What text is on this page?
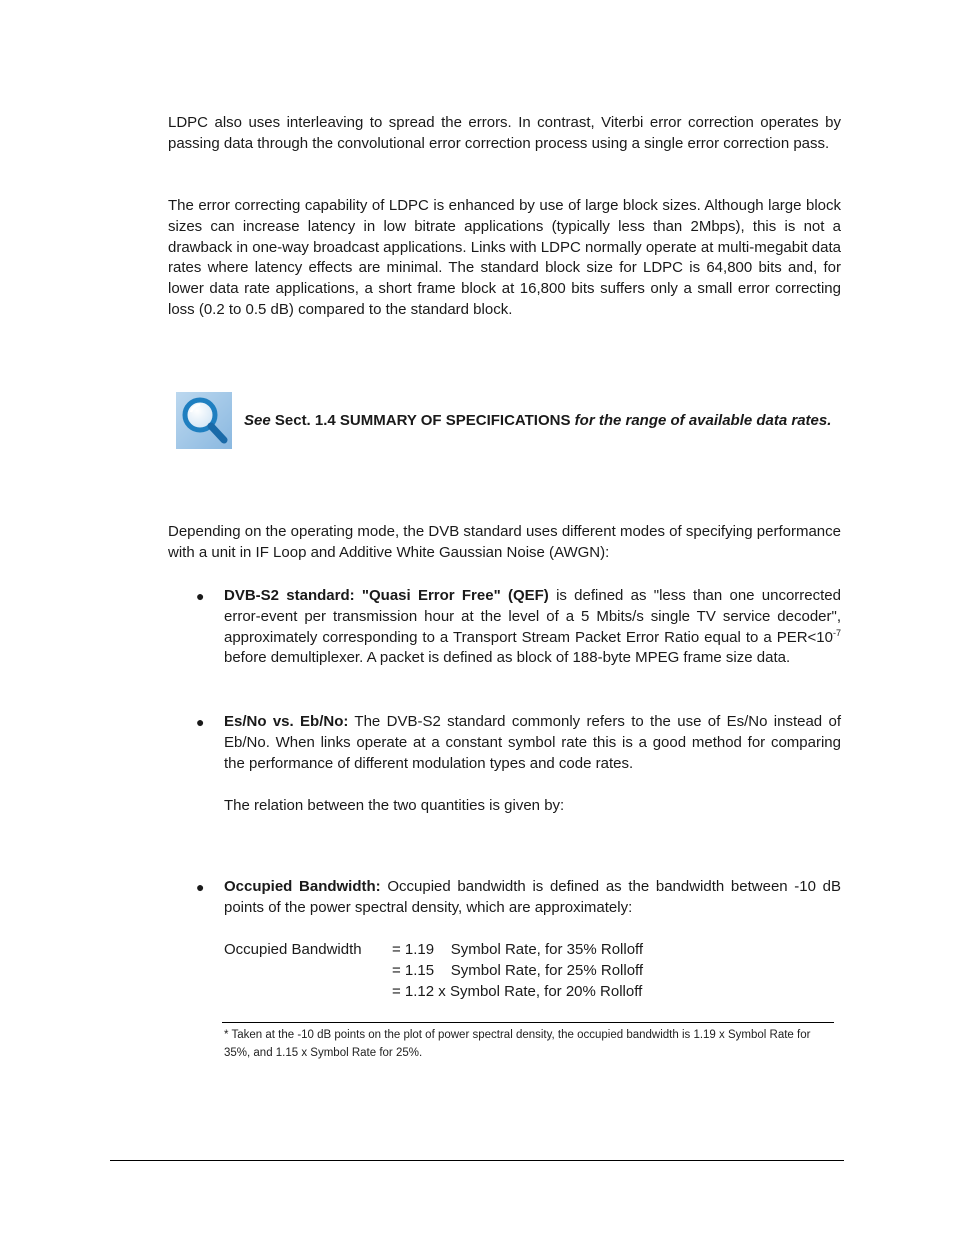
LDPC also uses interleaving to spread the errors. In contrast, Viterbi error correction operates by passing data through the convolutional error correction process using a single error correction pass.

The error correcting capability of LDPC is enhanced by use of large block sizes. Although large block sizes can increase latency in low bitrate applications (typically less than 2Mbps), this is not a drawback in one-way broadcast applications. Links with LDPC normally operate at multi-megabit data rates where latency effects are minimal. The standard block size for LDPC is 64,800 bits and, for lower data rate applications, a short frame block at 16,800 bits suffers only a small error correcting loss (0.2 to 0.5 dB) compared to the standard block.

See Sect. 1.4 SUMMARY OF SPECIFICATIONS for the range of available data rates.

Depending on the operating mode, the DVB standard uses different modes of specifying performance with a unit in IF Loop and Additive White Gaussian Noise (AWGN):

● DVB-S2 standard: "Quasi Error Free" (QEF) is defined as "less than one uncorrected error-event per transmission hour at the level of a 5 Mbits/s single TV service decoder", approximately corresponding to a Transport Stream Packet Error Ratio equal to a $PER<10^{-7}$ before demultiplexer. A packet is defined as block of 188-byte MPEG frame size data.

● Es/No vs. Eb/No: The DVB-S2 standard commonly refers to the use of Es/No instead of Eb/No. When links operate at a constant symbol rate this is a good method for comparing the performance of different modulation types and code rates.

The relation between the two quantities is given by:

● Occupied Bandwidth: Occupied bandwidth is defined as the bandwidth between -10 dB points of the power spectral density, which are approximately:

Occupied Bandwidth = 1.19    Symbol Rate, for 35% Rolloff
= 1.15    Symbol Rate, for 25% Rolloff
= 1.12 x Symbol Rate, for 20% Rolloff

* Taken at the -10 dB points on the plot of power spectral density, the occupied bandwidth is 1.19 x Symbol Rate for 35%, and 1.15 x Symbol Rate for 25%.
